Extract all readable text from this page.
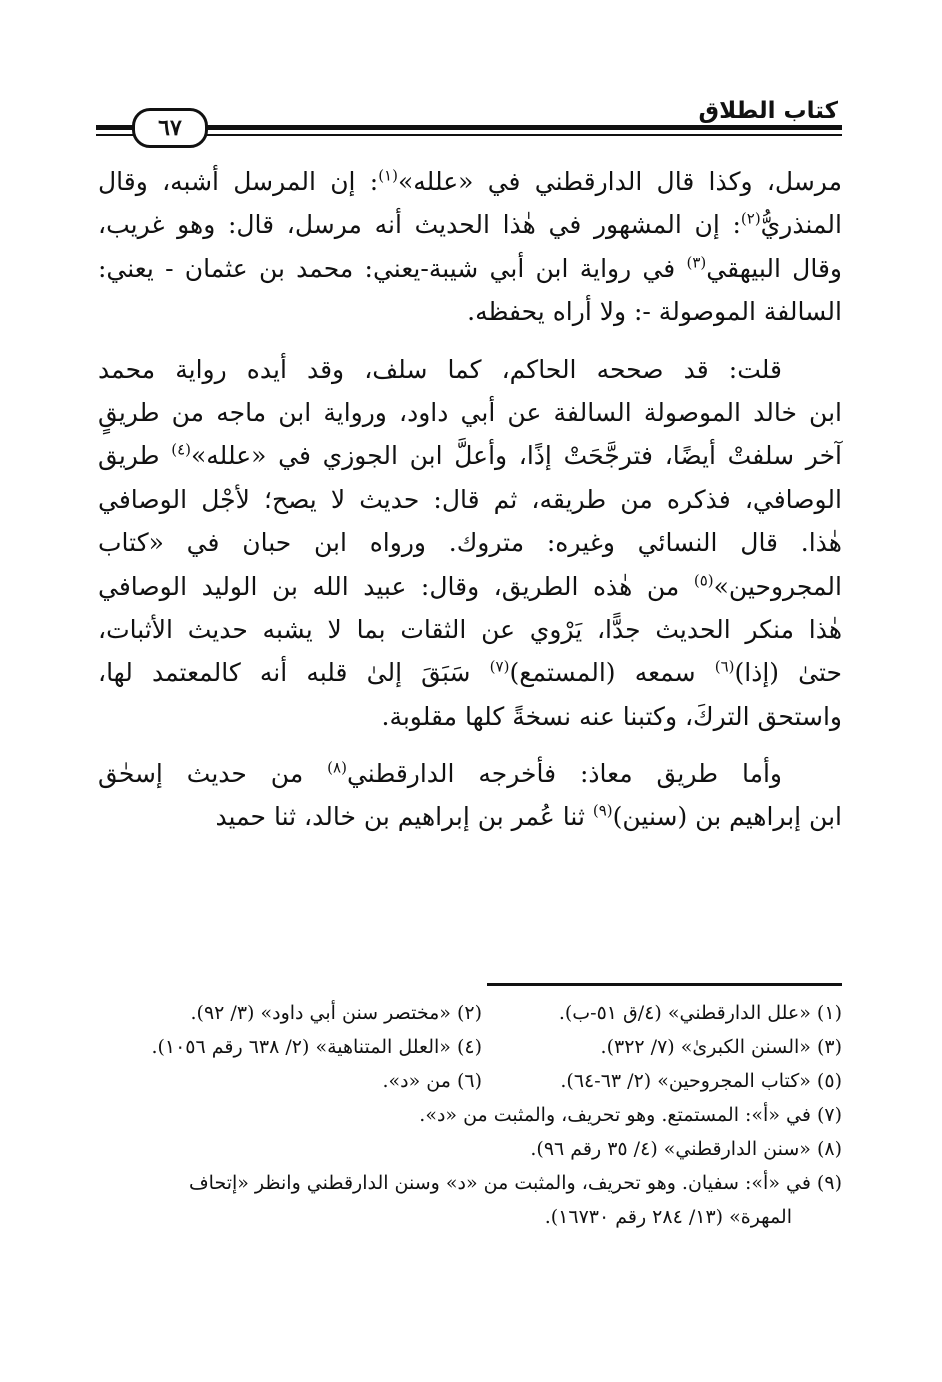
كتاب الطلاق
٦٧
مرسل، وكذا قال الدارقطني في «علله»$^{(١)}$: إن المرسل أشبه، وقال
المنذريُّ$^{(٢)}$: إن المشهور في هٰذا الحديث أنه مرسل، قال: وهو غريب،
وقال البيهقي$^{(٣)}$ في رواية ابن أبي شيبة-يعني: محمد بن عثمان - يعني:
السالفة الموصولة -: ولا أراه يحفظه.
قلت: قد صححه الحاكم، كما سلف، وقد أيده رواية محمد
ابن خالد الموصولة السالفة عن أبي داود، ورواية ابن ماجه من طريقٍ
آخر سلفتْ أيضًا، فترجَّحَتْ إذًا، وأعلَّ ابن الجوزي في «علله»$^{(٤)}$ طريق
الوصافي، فذكره من طريقه، ثم قال: حديث لا يصح؛ لأجْل الوصافي
هٰذا. قال النسائي وغيره: متروك. ورواه ابن حبان في «كتاب
المجروحين»$^{(٥)}$ من هٰذه الطريق، وقال: عبيد الله بن الوليد الوصافي
هٰذا منكر الحديث جدًّا، يَرْوي عن الثقات بما لا يشبه حديث الأثبات،
حتىٰ (إذا)$^{(٦)}$ سمعه (المستمع)$^{(٧)}$ سَبَقَ إلىٰ قلبه أنه كالمعتمد لها،
واستحق التركَ، وكتبنا عنه نسخةً كلها مقلوبة.
وأما طريق معاذ: فأخرجه الدارقطني$^{(٨)}$ من حديث إسحٰق
ابن إبراهيم بن (سنين)$^{(٩)}$ ثنا عُمر بن إبراهيم بن خالد، ثنا حميد
(١) «علل الدارقطني» (٤/ق ٥١-ب).
(٢) «مختصر سنن أبي داود» (٣/ ٩٢).
(٣) «السنن الكبرىٰ» (٧/ ٣٢٢).
(٤) «العلل المتناهية» (٢/ ٦٣٨ رقم ١٠٥٦).
(٥) «كتاب المجروحين» (٢/ ٦٣-٦٤).
(٦) من «د».
(٧) في «أ»: المستمتع. وهو تحريف، والمثبت من «د».
(٨) «سنن الدارقطني» (٤/ ٣٥ رقم ٩٦).
(٩) في «أ»: سفيان. وهو تحريف، والمثبت من «د» وسنن الدارقطني وانظر «إتحاف
المهرة» (١٣/ ٢٨٤ رقم ١٦٧٣٠).
